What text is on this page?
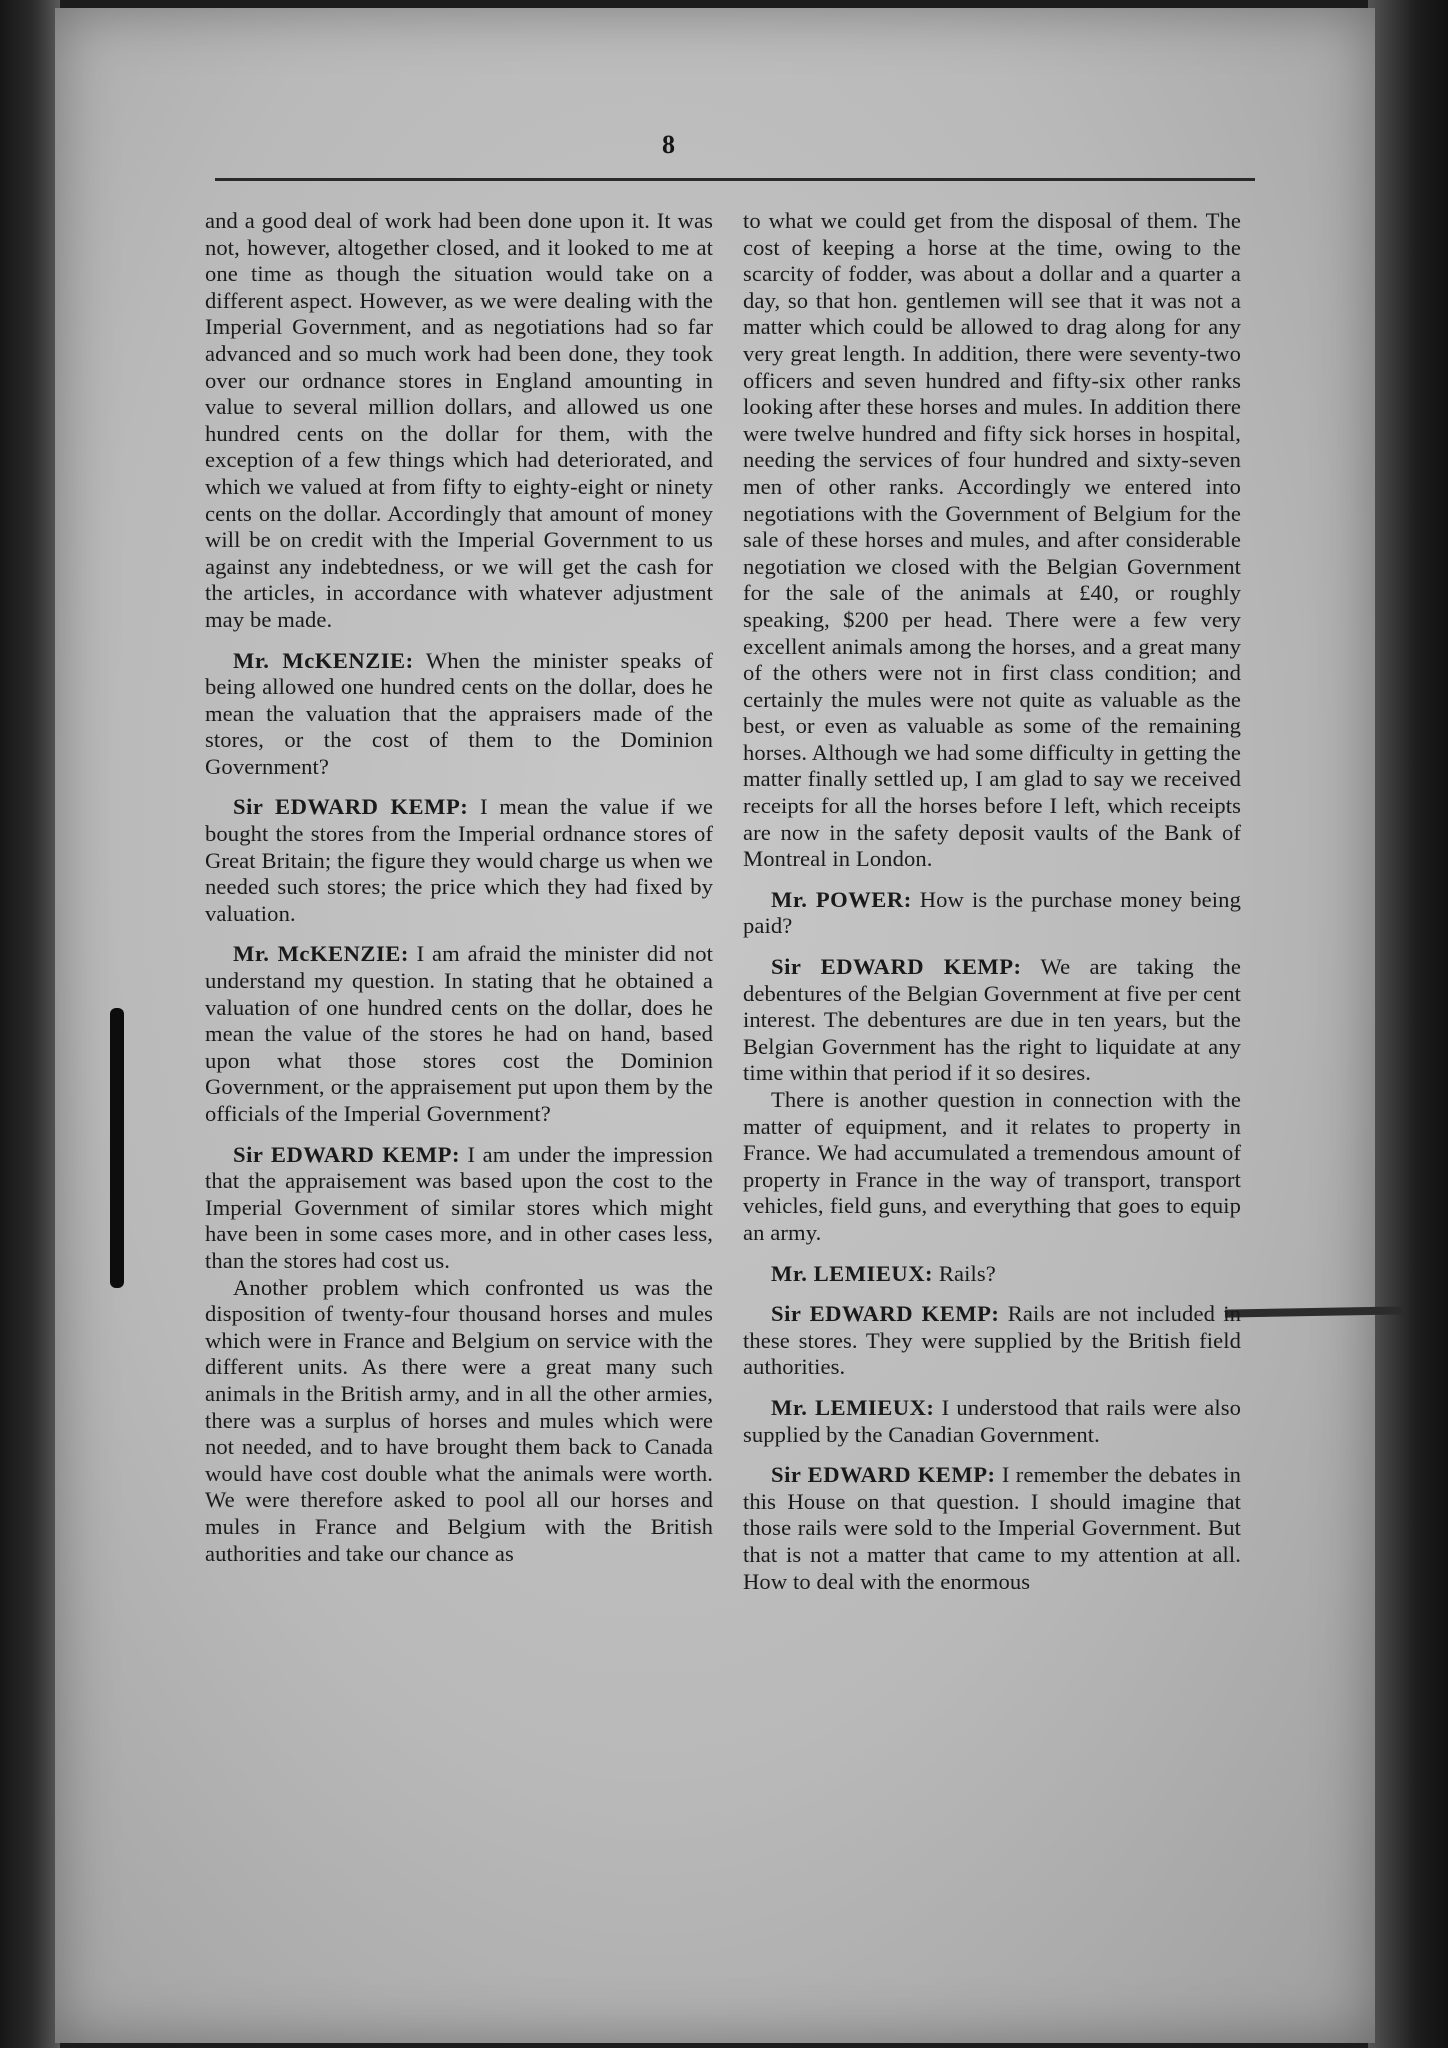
8

and a good deal of work had been done upon it. It was not, however, altogether closed, and it looked to me at one time as though the situation would take on a different aspect. However, as we were dealing with the Imperial Government, and as negotiations had so far advanced and so much work had been done, they took over our ordnance stores in England amounting in value to several million dollars, and allowed us one hundred cents on the dollar for them, with the exception of a few things which had deteriorated, and which we valued at from fifty to eighty-eight or ninety cents on the dollar. Accordingly that amount of money will be on credit with the Imperial Government to us against any indebtedness, or we will get the cash for the articles, in accordance with whatever adjustment may be made.

Mr. McKENZIE: When the minister speaks of being allowed one hundred cents on the dollar, does he mean the valuation that the appraisers made of the stores, or the cost of them to the Dominion Government?

Sir EDWARD KEMP: I mean the value if we bought the stores from the Imperial ordnance stores of Great Britain; the figure they would charge us when we needed such stores; the price which they had fixed by valuation.

Mr. McKENZIE: I am afraid the minister did not understand my question. In stating that he obtained a valuation of one hundred cents on the dollar, does he mean the value of the stores he had on hand, based upon what those stores cost the Dominion Government, or the appraisement put upon them by the officials of the Imperial Government?

Sir EDWARD KEMP: I am under the impression that the appraisement was based upon the cost to the Imperial Government of similar stores which might have been in some cases more, and in other cases less, than the stores had cost us.

Another problem which confronted us was the disposition of twenty-four thousand horses and mules which were in France and Belgium on service with the different units. As there were a great many such animals in the British army, and in all the other armies, there was a surplus of horses and mules which were not needed, and to have brought them back to Canada would have cost double what the animals were worth. We were therefore asked to pool all our horses and mules in France and Belgium with the British authorities and take our chance as

to what we could get from the disposal of them. The cost of keeping a horse at the time, owing to the scarcity of fodder, was about a dollar and a quarter a day, so that hon. gentlemen will see that it was not a matter which could be allowed to drag along for any very great length. In addition, there were seventy-two officers and seven hundred and fifty-six other ranks looking after these horses and mules. In addition there were twelve hundred and fifty sick horses in hospital, needing the services of four hundred and sixty-seven men of other ranks. Accordingly we entered into negotiations with the Government of Belgium for the sale of these horses and mules, and after considerable negotiation we closed with the Belgian Government for the sale of the animals at £40, or roughly speaking, $200 per head. There were a few very excellent animals among the horses, and a great many of the others were not in first class condition; and certainly the mules were not quite as valuable as the best, or even as valuable as some of the remaining horses. Although we had some difficulty in getting the matter finally settled up, I am glad to say we received receipts for all the horses before I left, which receipts are now in the safety deposit vaults of the Bank of Montreal in London.

Mr. POWER: How is the purchase money being paid?

Sir EDWARD KEMP: We are taking the debentures of the Belgian Government at five per cent interest. The debentures are due in ten years, but the Belgian Government has the right to liquidate at any time within that period if it so desires.

There is another question in connection with the matter of equipment, and it relates to property in France. We had accumulated a tremendous amount of property in France in the way of transport, transport vehicles, field guns, and everything that goes to equip an army.

Mr. LEMIEUX: Rails?

Sir EDWARD KEMP: Rails are not included in these stores. They were supplied by the British field authorities.

Mr. LEMIEUX: I understood that rails were also supplied by the Canadian Government.

Sir EDWARD KEMP: I remember the debates in this House on that question. I should imagine that those rails were sold to the Imperial Government. But that is not a matter that came to my attention at all. How to deal with the enormous
